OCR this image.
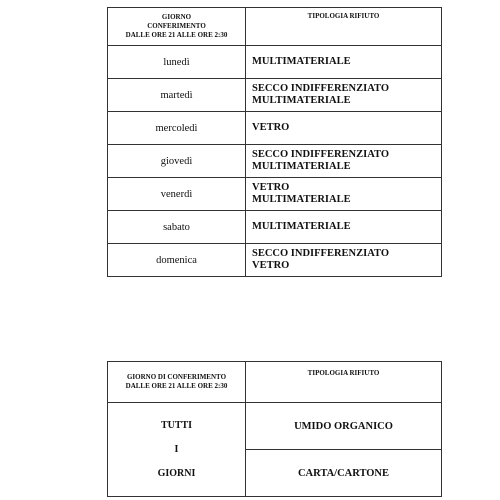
GIORNO
CONFERIMENTO
DALLE ORE 21 ALLE ORE 2:30	TIPOLOGIA RIFIUTO
lunedì	MULTIMATERIALE

martedì	SECCO INDIFFERENZIATO
MULTIMATERIALE

mercoledì	VETRO

giovedì	SECCO INDIFFERENZIATO
MULTIMATERIALE

venerdì	VETRO
MULTIMATERIALE

sabato	MULTIMATERIALE

domenica	SECCO INDIFFERENZIATO
VETRO
GIORNO DI CONFERIMENTO
DALLE ORE 21 ALLE ORE 2:30	TIPOLOGIA RIFIUTO

TUTTI
I
GIORNI	UMIDO ORGANICO
	CARTA/CARTONE
